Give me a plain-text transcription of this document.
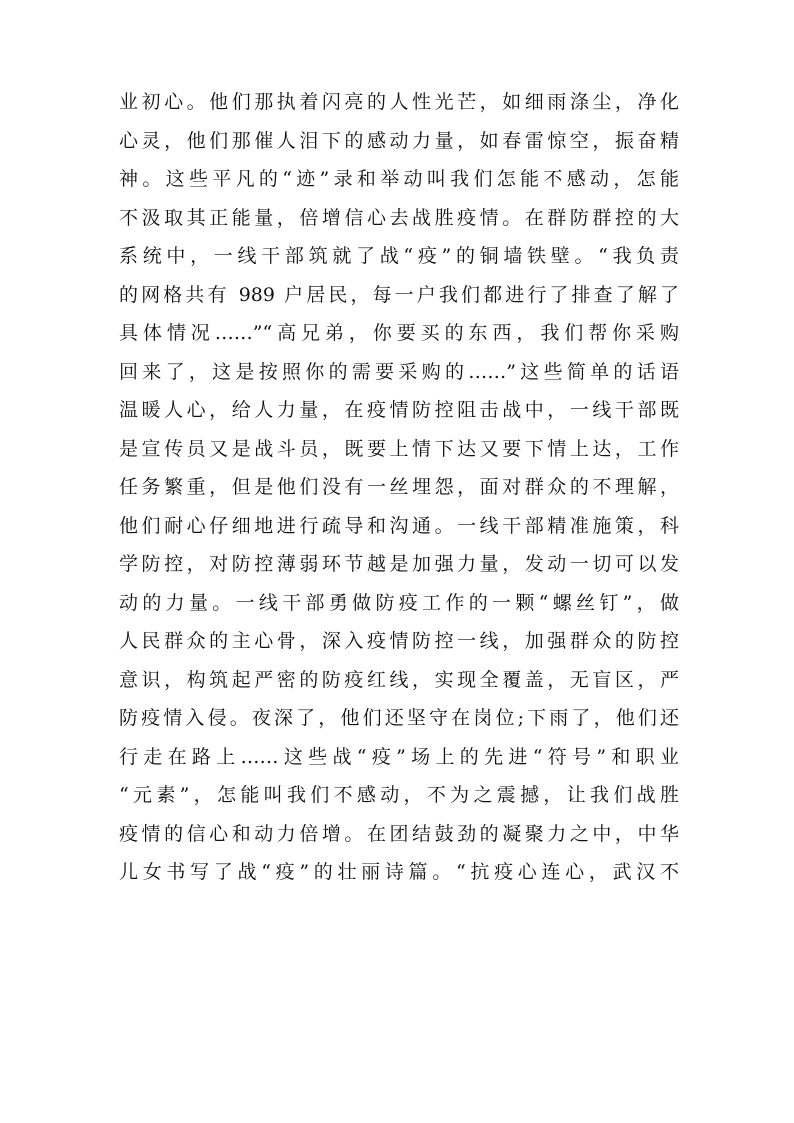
业初心。他们那执着闪亮的人性光芒，如细雨涤尘，净化
心灵，他们那催人泪下的感动力量，如春雷惊空，振奋精
神。这些平凡的“迹”录和举动叫我们怎能不感动，怎能
不汲取其正能量，倍增信心去战胜疫情。在群防群控的大
系统中，一线干部筑就了战“疫”的铜墙铁壁。“我负责
的网格共有 989 户居民，每一户我们都进行了排查了解了
具体情况……”“高兄弟，你要买的东西，我们帮你采购
回来了，这是按照你的需要采购的……”这些简单的话语
温暖人心，给人力量，在疫情防控阻击战中，一线干部既
是宣传员又是战斗员，既要上情下达又要下情上达，工作
任务繁重，但是他们没有一丝埋怨，面对群众的不理解，
他们耐心仔细地进行疏导和沟通。一线干部精准施策，科
学防控，对防控薄弱环节越是加强力量，发动一切可以发
动的力量。一线干部勇做防疫工作的一颗“螺丝钉”，做
人民群众的主心骨，深入疫情防控一线，加强群众的防控
意识，构筑起严密的防疫红线，实现全覆盖，无盲区，严
防疫情入侵。夜深了，他们还坚守在岗位;下雨了，他们还
行走在路上……这些战“疫”场上的先进“符号”和职业
“元素”，怎能叫我们不感动，不为之震撼，让我们战胜
疫情的信心和动力倍增。在团结鼓劲的凝聚力之中，中华
儿女书写了战“疫”的壮丽诗篇。“抗疫心连心，武汉不
